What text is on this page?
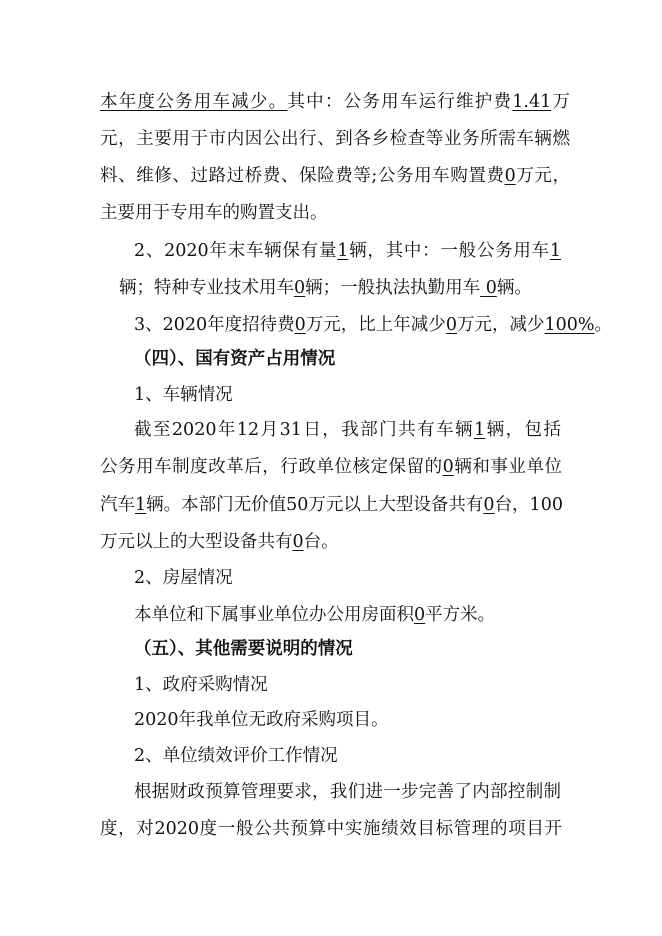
本年度公务用车减少。其中：公务用车运行维护费1.41万
元，主要用于市内因公出行、到各乡检查等业务所需车辆燃
料、维修、过路过桥费、保险费等;公务用车购置费0万元，
主要用于专用车的购置支出。
2、2020年末车辆保有量1辆，其中：一般公务用车1
辆；特种专业技术用车0辆；一般执法执勤用车 0辆。
3、2020年度招待费0万元，比上年减少0万元，减少100%。
（四）、国有资产占用情况
1、车辆情况
截至2020年12月31日，我部门共有车辆1辆，包括
公务用车制度改革后，行政单位核定保留的0辆和事业单位
汽车1辆。本部门无价值50万元以上大型设备共有0台，100
万元以上的大型设备共有0台。
2、房屋情况
本单位和下属事业单位办公用房面积0平方米。
（五）、其他需要说明的情况
1、政府采购情况
2020年我单位无政府采购项目。
2、单位绩效评价工作情况
根据财政预算管理要求，我们进一步完善了内部控制制
度，对2020度一般公共预算中实施绩效目标管理的项目开
